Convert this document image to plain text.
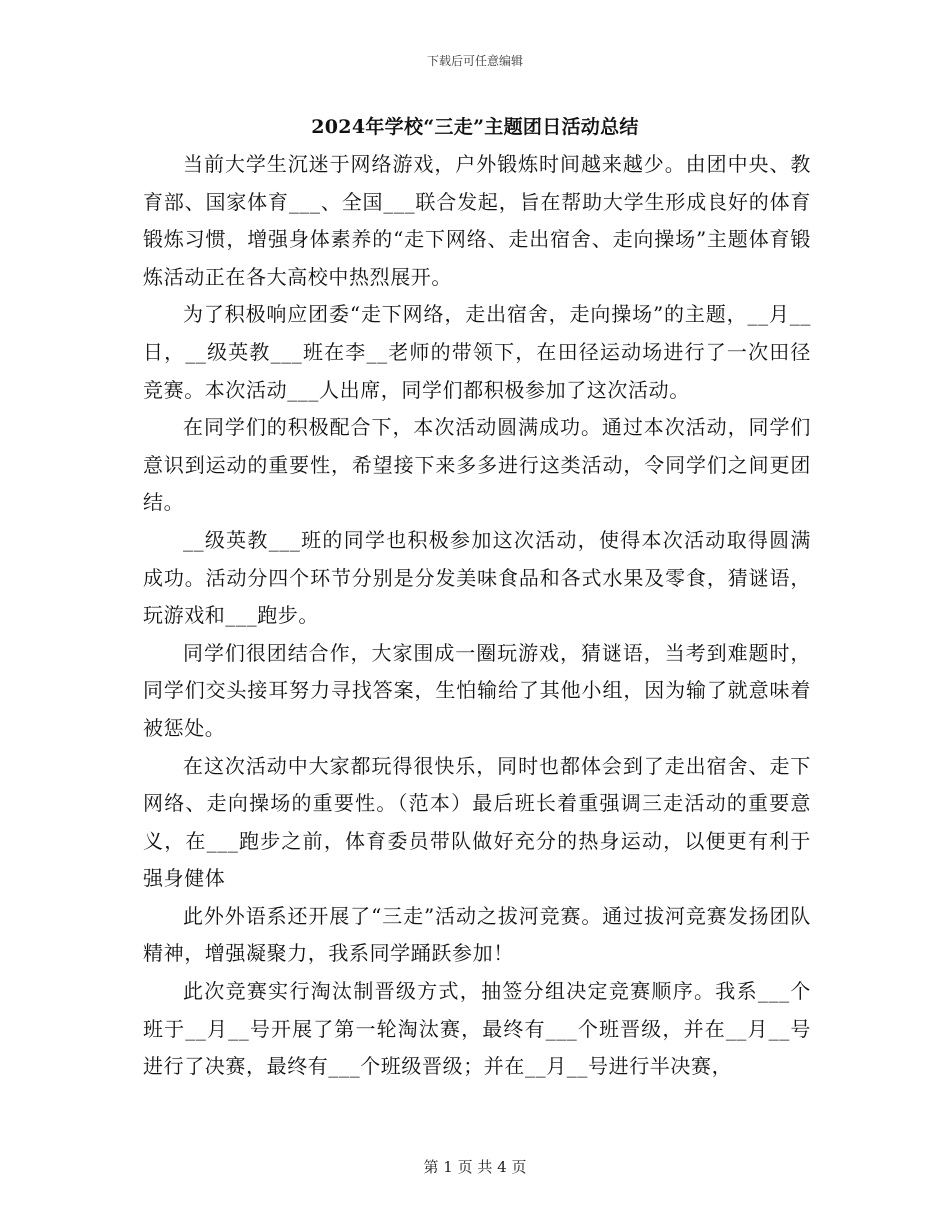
下载后可任意编辑
2024年学校“三走”主题团日活动总结

当前大学生沉迷于网络游戏，户外锻炼时间越来越少。由团中央、教育部、国家体育___、全国___联合发起，旨在帮助大学生形成良好的体育锻炼习惯，增强身体素养的“走下网络、走出宿舍、走向操场”主题体育锻炼活动正在各大高校中热烈展开。

为了积极响应团委“走下网络，走出宿舍，走向操场”的主题，__月__日，__级英教___班在李__老师的带领下，在田径运动场进行了一次田径竞赛。本次活动___人出席，同学们都积极参加了这次活动。

在同学们的积极配合下，本次活动圆满成功。通过本次活动，同学们意识到运动的重要性，希望接下来多多进行这类活动，令同学们之间更团结。

__级英教___班的同学也积极参加这次活动，使得本次活动取得圆满成功。活动分四个环节分别是分发美味食品和各式水果及零食，猜谜语，玩游戏和___跑步。

同学们很团结合作，大家围成一圈玩游戏，猜谜语，当考到难题时，同学们交头接耳努力寻找答案，生怕输给了其他小组，因为输了就意味着被惩处。

在这次活动中大家都玩得很快乐，同时也都体会到了走出宿舍、走下网络、走向操场的重要性。（范本）最后班长着重强调三走活动的重要意义，在___跑步之前，体育委员带队做好充分的热身运动，以便更有利于强身健体

此外外语系还开展了“三走”活动之拔河竞赛。通过拔河竞赛发扬团队精神，增强凝聚力，我系同学踊跃参加！

此次竞赛实行淘汰制晋级方式，抽签分组决定竞赛顺序。我系___个班于__月__号开展了第一轮淘汰赛，最终有___个班晋级，并在__月__号进行了决赛，最终有___个班级晋级；并在__月__号进行半决赛，

第 1 页 共 4 页
